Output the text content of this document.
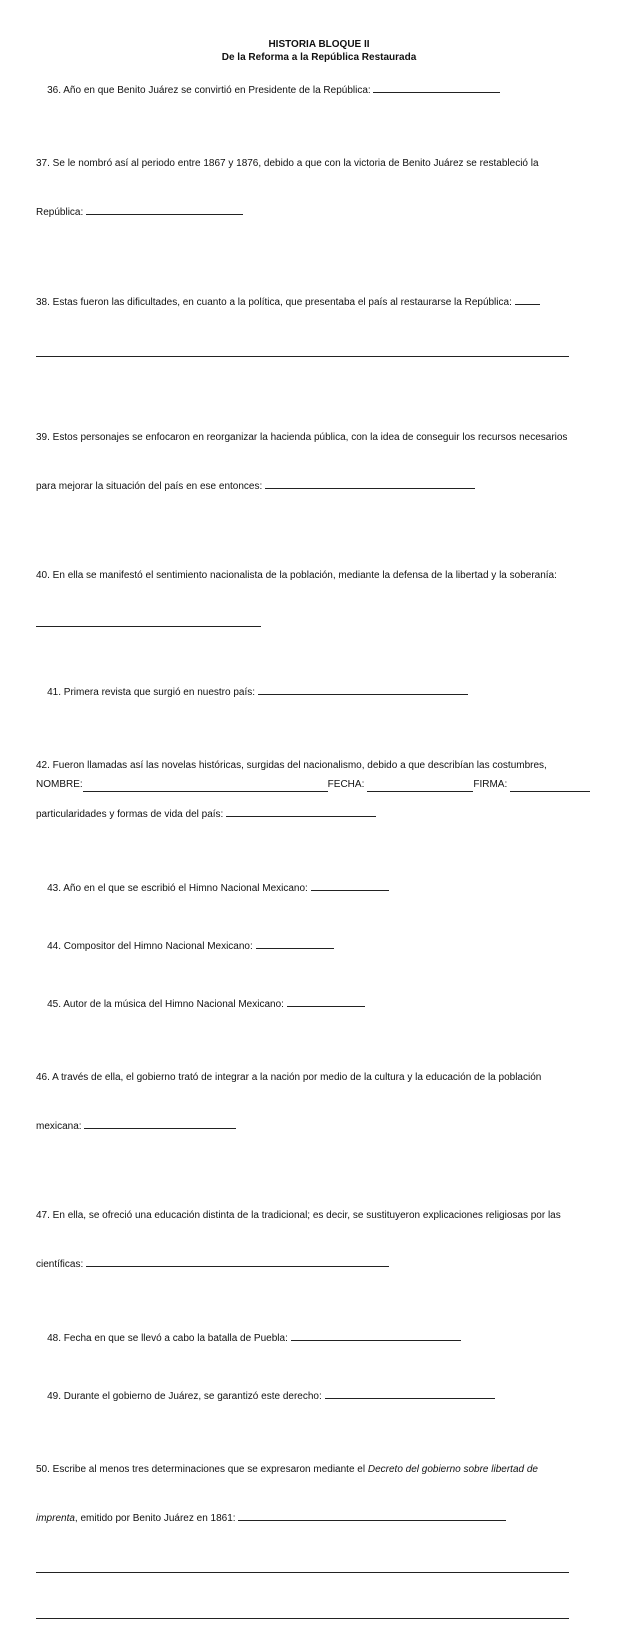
HISTORIA BLOQUE II
De la Reforma a la República Restaurada

36. Año en que Benito Juárez se convirtió en Presidente de la República:

37. Se le nombró así al periodo entre 1867 y 1876, debido a que con la victoria de Benito Juárez se restableció la

República:

38. Estas fueron las dificultades, en cuanto a la política, que presentaba el país al restaurarse la República:

39. Estos personajes se enfocaron en reorganizar la hacienda pública, con la idea de conseguir los recursos necesarios

para mejorar la situación del país en ese entonces:

40. En ella se manifestó el sentimiento nacionalista de la población, mediante la defensa de la libertad y la soberanía:

41. Primera revista que surgió en nuestro país:

42. Fueron llamadas así las novelas históricas, surgidas del nacionalismo, debido a que describían las costumbres,

particularidades y formas de vida del país:

43. Año en el que se escribió el Himno Nacional Mexicano:

44. Compositor del Himno Nacional Mexicano:

45. Autor de la música del Himno Nacional Mexicano:

46. A través de ella, el gobierno trató de integrar a la nación por medio de la cultura y la educación de la población

mexicana:

47. En ella, se ofreció una educación distinta de la tradicional; es decir, se sustituyeron explicaciones religiosas por las

científicas:

48. Fecha en que se llevó a cabo la batalla de Puebla:

49. Durante el gobierno de Juárez, se garantizó este derecho:

50. Escribe al menos tres determinaciones que se expresaron mediante el Decreto del gobierno sobre libertad de

imprenta, emitido por Benito Juárez en 1861:

NOMBRE:	FECHA:	FIRMA:
